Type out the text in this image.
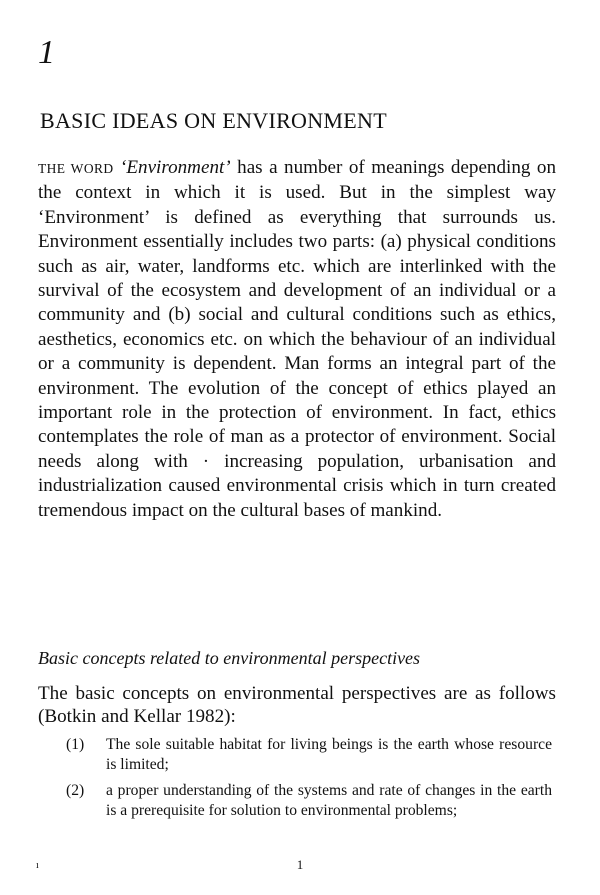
1
BASIC IDEAS ON ENVIRONMENT

THE WORD ‘Environment’ has a number of meanings depending on the context in which it is used. But in the simplest way ‘Environment’ is defined as everything that surrounds us. Environment essentially includes two parts: (a) physical conditions such as air, water, landforms etc. which are interlinked with the survival of the ecosystem and development of an individual or a community and (b) social and cultural conditions such as ethics, aesthetics, economics etc. on which the behaviour of an individual or a community is dependent. Man forms an integral part of the environment. The evolution of the concept of ethics played an important role in the protection of environment. In fact, ethics contemplates the role of man as a protector of environment. Social needs along with · increasing population, urbanisation and industrialization caused environmental crisis which in turn created tremendous impact on the cultural bases of mankind.

Basic concepts related to environmental perspectives

The basic concepts on environmental perspectives are as follows (Botkin and Kellar 1982):

(1)	The sole suitable habitat for living beings is the earth whose resource is limited;
(2)	a proper understanding of the systems and rate of changes in the earth is a prerequisite for solution to environmental problems;
ı	1
